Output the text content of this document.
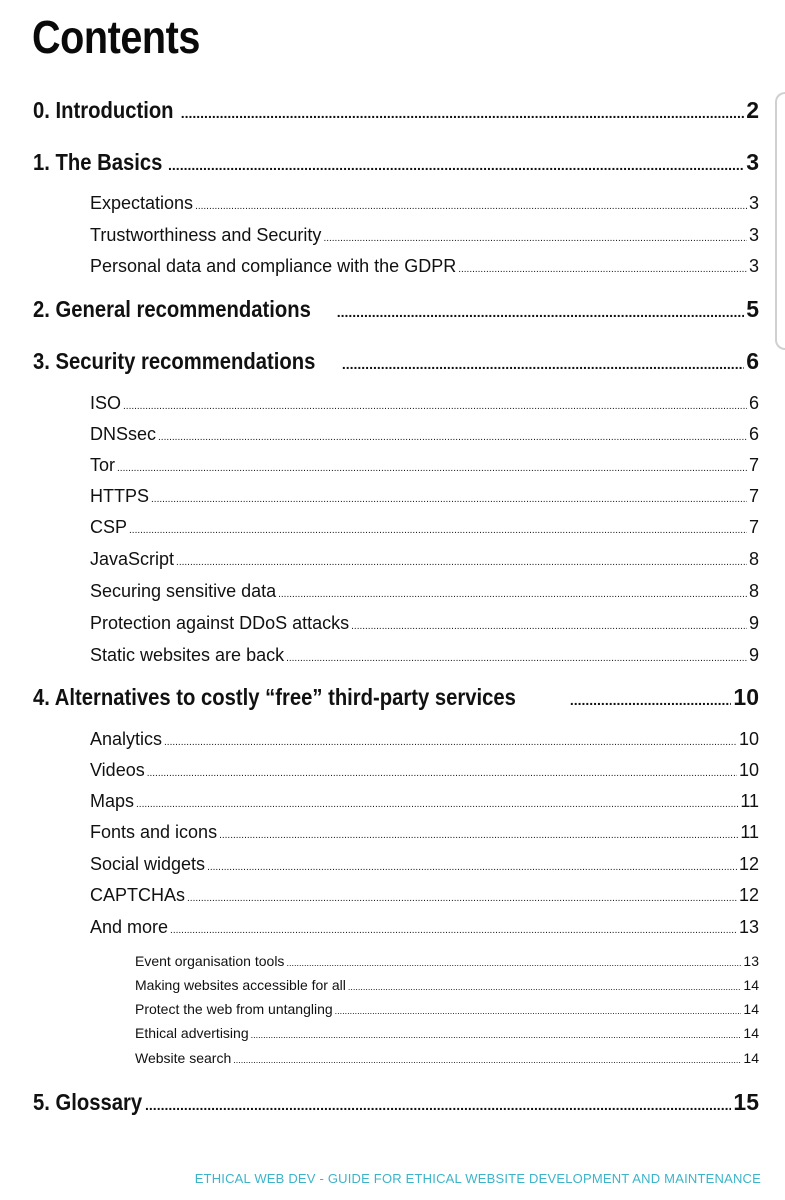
Contents
0. Introduction .....	2
1. The Basics .....	3
Expectations .....	3
Trustworthiness and Security .....	3
Personal data and compliance with the GDPR .....	3
2. General recommendations .....	5
3. Security recommendations .....	6
ISO .....	6
DNSsec .....	6
Tor .....	7
HTTPS .....	7
CSP .....	7
JavaScript .....	8
Securing sensitive data .....	8
Protection against DDoS attacks .....	9
Static websites are back .....	9
4. Alternatives to costly “free” third-party services .....	10
Analytics .....	10
Videos .....	10
Maps .....	11
Fonts and icons .....	11
Social widgets .....	12
CAPTCHAs .....	12
And more .....	13
Event organisation tools .....	13
Making websites accessible for all .....	14
Protect the web from untangling .....	14
Ethical advertising .....	14
Website search .....	14
5. Glossary .....	15
ETHICAL WEB DEV - GUIDE FOR ETHICAL WEBSITE DEVELOPMENT AND MAINTENANCE
